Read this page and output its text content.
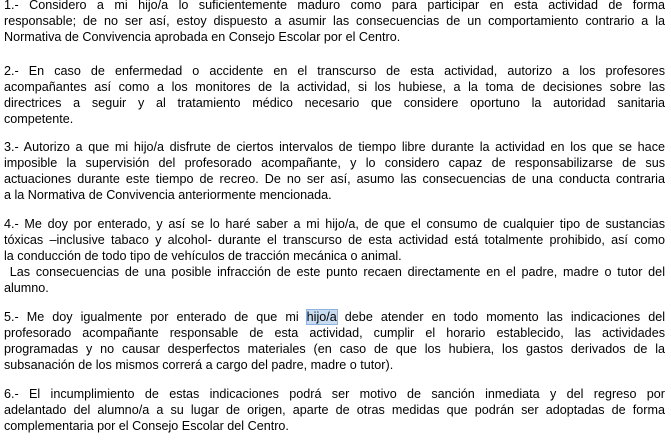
1.- Considero a mi hijo/a lo suficientemente maduro como para participar en esta actividad de forma
responsable; de no ser así, estoy dispuesto a asumir las consecuencias de un comportamiento contrario a la
Normativa de Convivencia aprobada en Consejo Escolar por el Centro.

2.- En caso de enfermedad o accidente en el transcurso de esta actividad, autorizo a los profesores
acompañantes así como a los monitores de la actividad, si los hubiese, a la toma de decisiones sobre las
directrices a seguir y al tratamiento médico necesario que considere oportuno la autoridad sanitaria
competente.

3.- Autorizo a que mi hijo/a disfrute de ciertos intervalos de tiempo libre durante la actividad en los que se hace
imposible la supervisión del profesorado acompañante, y lo considero capaz de responsabilizarse de sus
actuaciones durante este tiempo de recreo. De no ser así, asumo las consecuencias de una conducta contraria
a la Normativa de Convivencia anteriormente mencionada.

4.- Me doy por enterado, y así se lo haré saber a mi hijo/a, de que el consumo de cualquier tipo de sustancias
tóxicas –inclusive tabaco y alcohol- durante el transcurso de esta actividad está totalmente prohibido, así como
la conducción de todo tipo de vehículos de tracción mecánica o animal.
Las consecuencias de una posible infracción de este punto recaen directamente en el padre, madre o tutor del
alumno.

5.- Me doy igualmente por enterado de que mi hijo/a debe atender en todo momento las indicaciones del
profesorado acompañante responsable de esta actividad, cumplir el horario establecido, las actividades
programadas y no causar desperfectos materiales (en caso de que los hubiera, los gastos derivados de la
subsanación de los mismos correrá a cargo del padre, madre o tutor).

6.- El incumplimiento de estas indicaciones podrá ser motivo de sanción inmediata y del regreso por
adelantado del alumno/a a su lugar de origen, aparte de otras medidas que podrán ser adoptadas de forma
complementaria por el Consejo Escolar del Centro.
